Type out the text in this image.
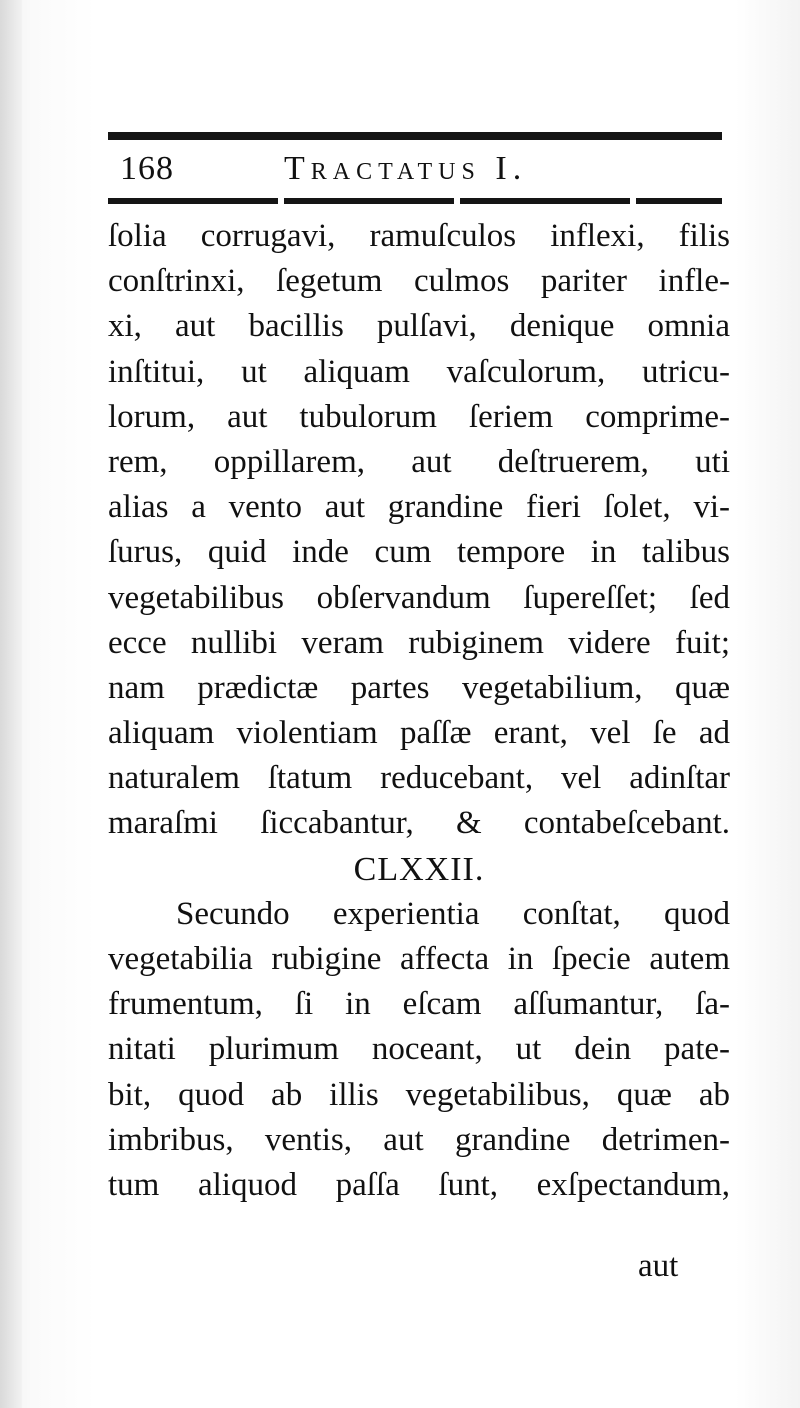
168	Tractatus I.
ſolia corrugavi, ramuſculos inflexi, filis
conſtrinxi, ſegetum culmos pariter infle-
xi, aut bacillis pulſavi, denique omnia
inſtitui, ut aliquam vaſculorum, utricu-
lorum, aut tubulorum ſeriem comprime-
rem, oppillarem, aut deſtruerem, uti
alias a vento aut grandine fieri ſolet, vi-
ſurus, quid inde cum tempore in talibus
vegetabilibus obſervandum ſupereſſet; ſed
ecce nullibi veram rubiginem videre fuit;
nam prædictæ partes vegetabilium, quæ
aliquam violentiam paſſæ erant, vel ſe ad
naturalem ſtatum reducebant, vel adinſtar
maraſmi ſiccabantur, & contabeſcebant.
CLXXII.
Secundo experientia conſtat, quod
vegetabilia rubigine affecta in ſpecie autem
frumentum, ſi in eſcam aſſumantur, ſa-
nitati plurimum noceant, ut dein pate-
bit, quod ab illis vegetabilibus, quæ ab
imbribus, ventis, aut grandine detrimen-
tum aliquod paſſa ſunt, exſpectandum,
aut
